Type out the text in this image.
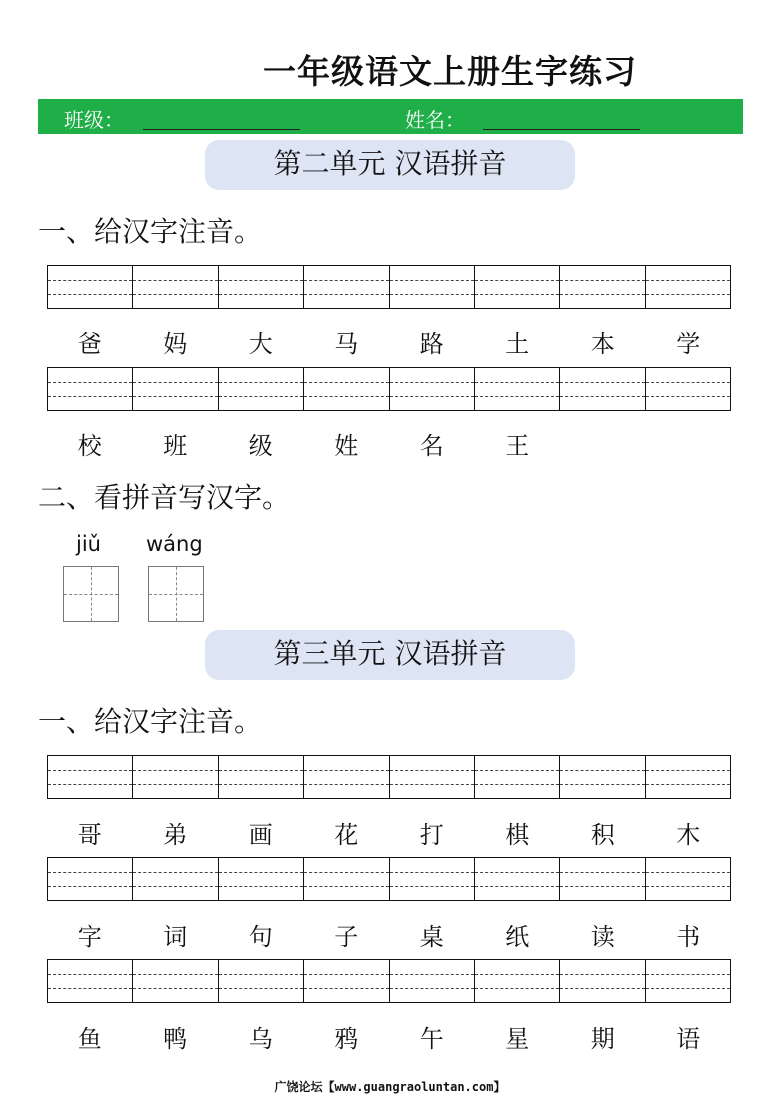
一年级语文上册生字练习
班级：	姓名：
第二单元 汉语拼音
一、给汉字注音。
爸	妈	大	马	路	土	本	学
校	班	级	姓	名	王
二、看拼音写汉字。
jiǔ wáng
第三单元 汉语拼音
一、给汉字注音。
哥	弟	画	花	打	棋	积	木
字	词	句	子	桌	纸	读	书
鱼	鸭	乌	鸦	午	星	期	语
广饶论坛【www.guangraoluntan.com】
